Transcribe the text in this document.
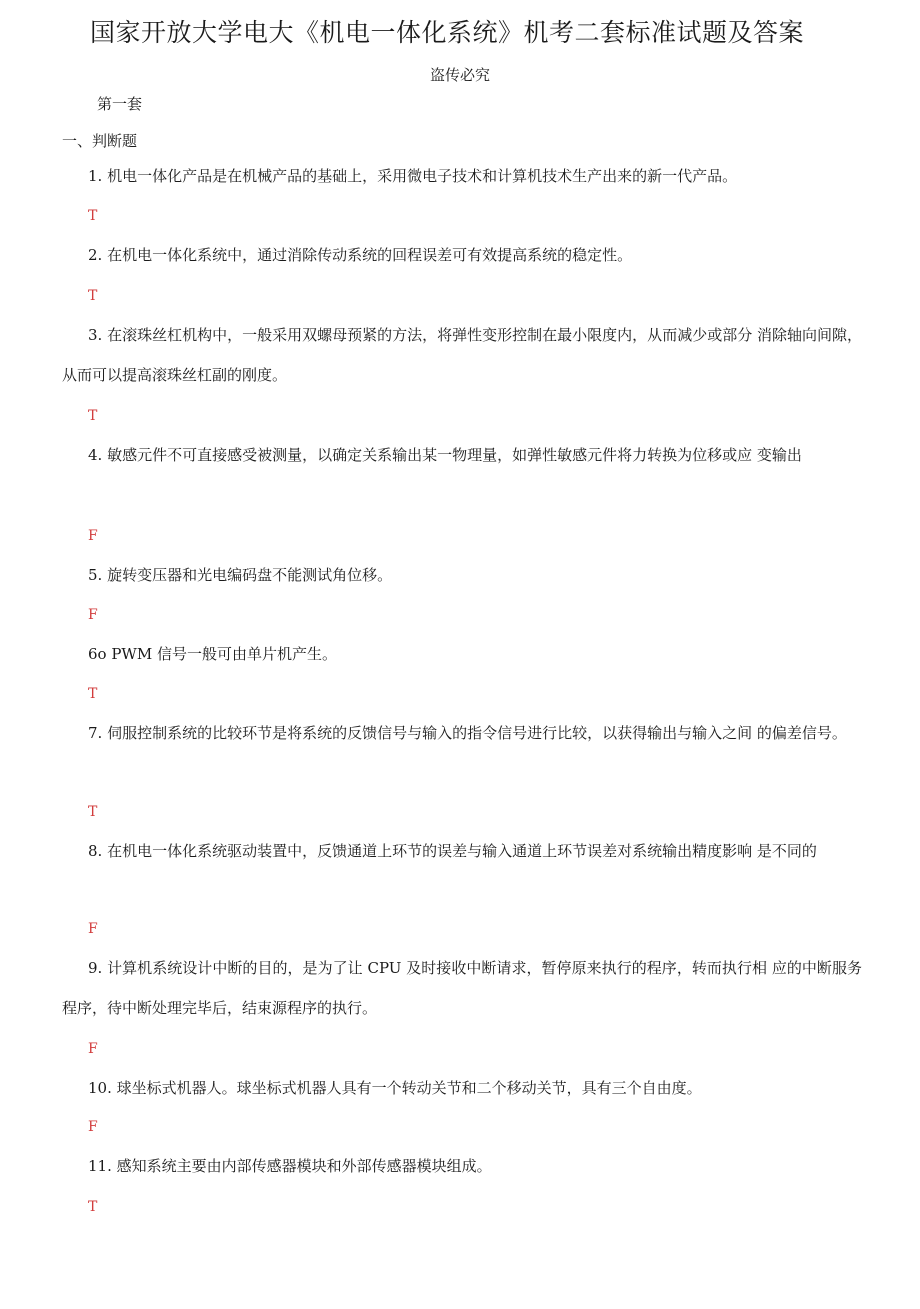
国家开放大学电大《机电一体化系统》机考二套标准试题及答案
盗传必究
第一套
一、判断题
1. 机电一体化产品是在机械产品的基础上，采用微电子技术和计算机技术生产出来的新一代产品。
T
2. 在机电一体化系统中，通过消除传动系统的回程误差可有效提高系统的稳定性。
T
3. 在滚珠丝杠机构中，一般采用双螺母预紧的方法，将弹性变形控制在最小限度内，从而减少或部分 消除轴向间隙，从而可以提高滚珠丝杠副的刚度。
T
4. 敏感元件不可直接感受被测量，以确定关系输出某一物理量，如弹性敏感元件将力转换为位移或应 变输出
F
5. 旋转变压器和光电编码盘不能测试角位移。
F
6o PWM 信号一般可由单片机产生。
T
7. 伺服控制系统的比较环节是将系统的反馈信号与输入的指令信号进行比较，以获得输出与输入之间 的偏差信号。
T
8. 在机电一体化系统驱动装置中，反馈通道上环节的误差与输入通道上环节误差对系统输出精度影响 是不同的
F
9. 计算机系统设计中断的目的，是为了让 CPU 及时接收中断请求，暂停原来执行的程序，转而执行相 应的中断服务程序，待中断处理完毕后，结束源程序的执行。
F
10. 球坐标式机器人。球坐标式机器人具有一个转动关节和二个移动关节，具有三个自由度。
F
11. 感知系统主要由内部传感器模块和外部传感器模块组成。
T
